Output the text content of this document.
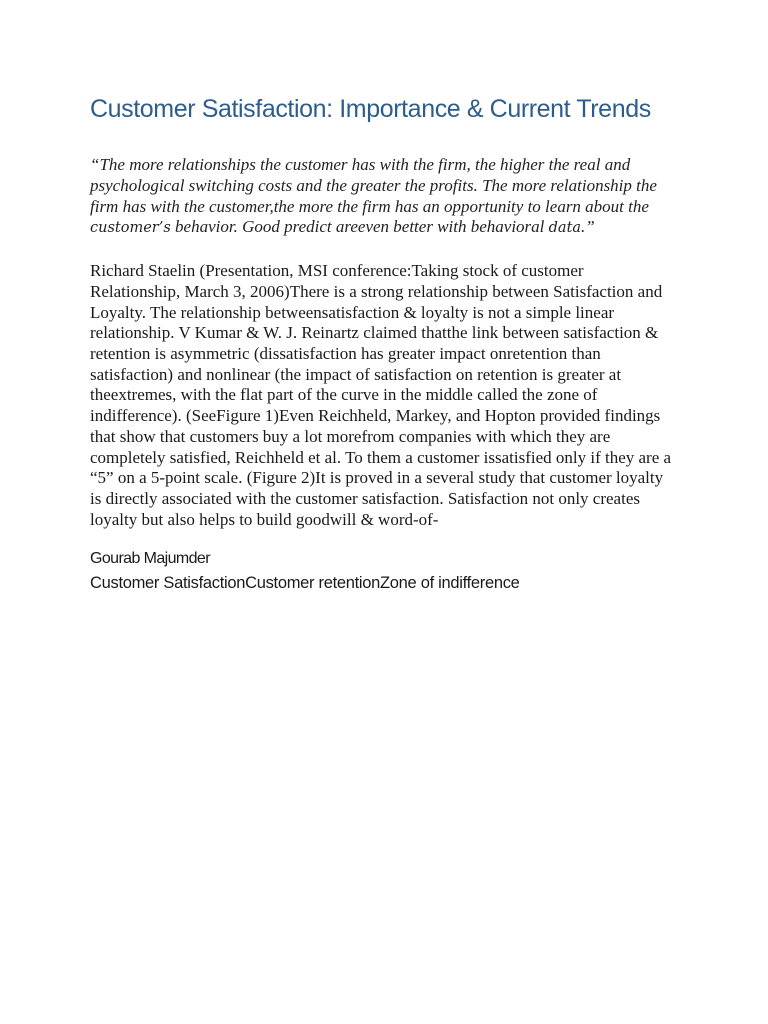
Customer Satisfaction: Importance & Current Trends

“The more relationships the customer has with the firm, the higher the real and psychological switching costs and the greater the profits. The more relationship the firm has with the customer,the more the firm has an opportunity to learn about the customer’s behavior. Good predict areeven better with behavioral data.”

Richard Staelin (Presentation, MSI conference:Taking stock of customer Relationship, March 3, 2006)There is a strong relationship between Satisfaction and Loyalty. The relationship betweensatisfaction & loyalty is not a simple linear relationship. V Kumar & W. J. Reinartz claimed thatthe link between satisfaction & retention is asymmetric (dissatisfaction has greater impact onretention than satisfaction) and nonlinear (the impact of satisfaction on retention is greater at theextremes, with the flat part of the curve in the middle called the zone of indifference). (SeeFigure 1)Even Reichheld, Markey, and Hopton provided findings that show that customers buy a lot morefrom companies with which they are completely satisfied, Reichheld et al. To them a customer issatisfied only if they are a “5” on a 5-point scale. (Figure 2)It is proved in a several study that customer loyalty is directly associated with the customer satisfaction. Satisfaction not only creates loyalty but also helps to build goodwill & word-of-

Gourab Majumder

Customer SatisfactionCustomer retentionZone of indifference
